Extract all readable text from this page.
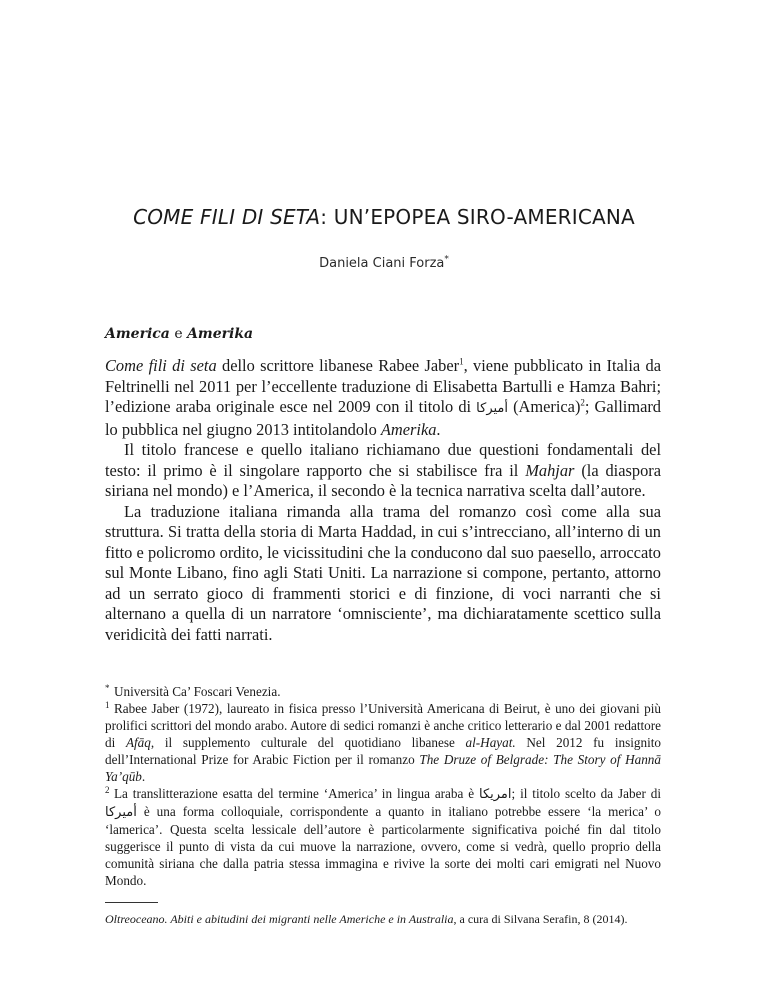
COME FILI DI SETA: UN’EPOPEA SIRO-AMERICANA
Daniela Ciani Forza*
America e Amerika

Come fili di seta dello scrittore libanese Rabee Jaber$^1$, viene pubblicato in Italia da Feltrinelli nel 2011 per l’eccellente traduzione di Elisabetta Bartulli e Hamza Bahri; l’edizione araba originale esce nel 2009 con il titolo di أميركا (America)$^2$; Gallimard lo pubblica nel giugno 2013 intitolandolo Amerika.

Il titolo francese e quello italiano richiamano due questioni fondamentali del testo: il primo è il singolare rapporto che si stabilisce fra il Mahjar (la diaspora siriana nel mondo) e l’America, il secondo è la tecnica narrativa scelta dall’autore.

La traduzione italiana rimanda alla trama del romanzo così come alla sua struttura. Si tratta della storia di Marta Haddad, in cui s’intrecciano, all’interno di un fitto e policromo ordito, le vicissitudini che la conducono dal suo paesello, arroccato sul Monte Libano, fino agli Stati Uniti. La narrazione si compone, pertanto, attorno ad un serrato gioco di frammenti storici e di finzione, di voci narranti che si alternano a quella di un narratore ‘omnisciente’, ma dichiaratamente scettico sulla veridicità dei fatti narrati.

* Università Ca’ Foscari Venezia.

1 Rabee Jaber (1972), laureato in fisica presso l’Università Americana di Beirut, è uno dei giovani più prolifici scrittori del mondo arabo. Autore di sedici romanzi è anche critico letterario e dal 2001 redattore di Afāq, il supplemento culturale del quotidiano libanese al-Hayat. Nel 2012 fu insignito dell’International Prize for Arabic Fiction per il romanzo The Druze of Belgrade: The Story of Hannā Ya’qūb.

2 La translitterazione esatta del termine ‘America’ in lingua araba è امريكا; il titolo scelto da Jaber di أميركا è una forma colloquiale, corrispondente a quanto in italiano potrebbe essere ‘la merica’ o ‘lamerica’. Questa scelta lessicale dell’autore è particolarmente significativa poiché fin dal titolo suggerisce il punto di vista da cui muove la narrazione, ovvero, come si vedrà, quello proprio della comunità siriana che dalla patria stessa immagina e rivive la sorte dei molti cari emigrati nel Nuovo Mondo.

Oltreoceano. Abiti e abitudini dei migranti nelle Americhe e in Australia, a cura di Silvana Serafin, 8 (2014).
